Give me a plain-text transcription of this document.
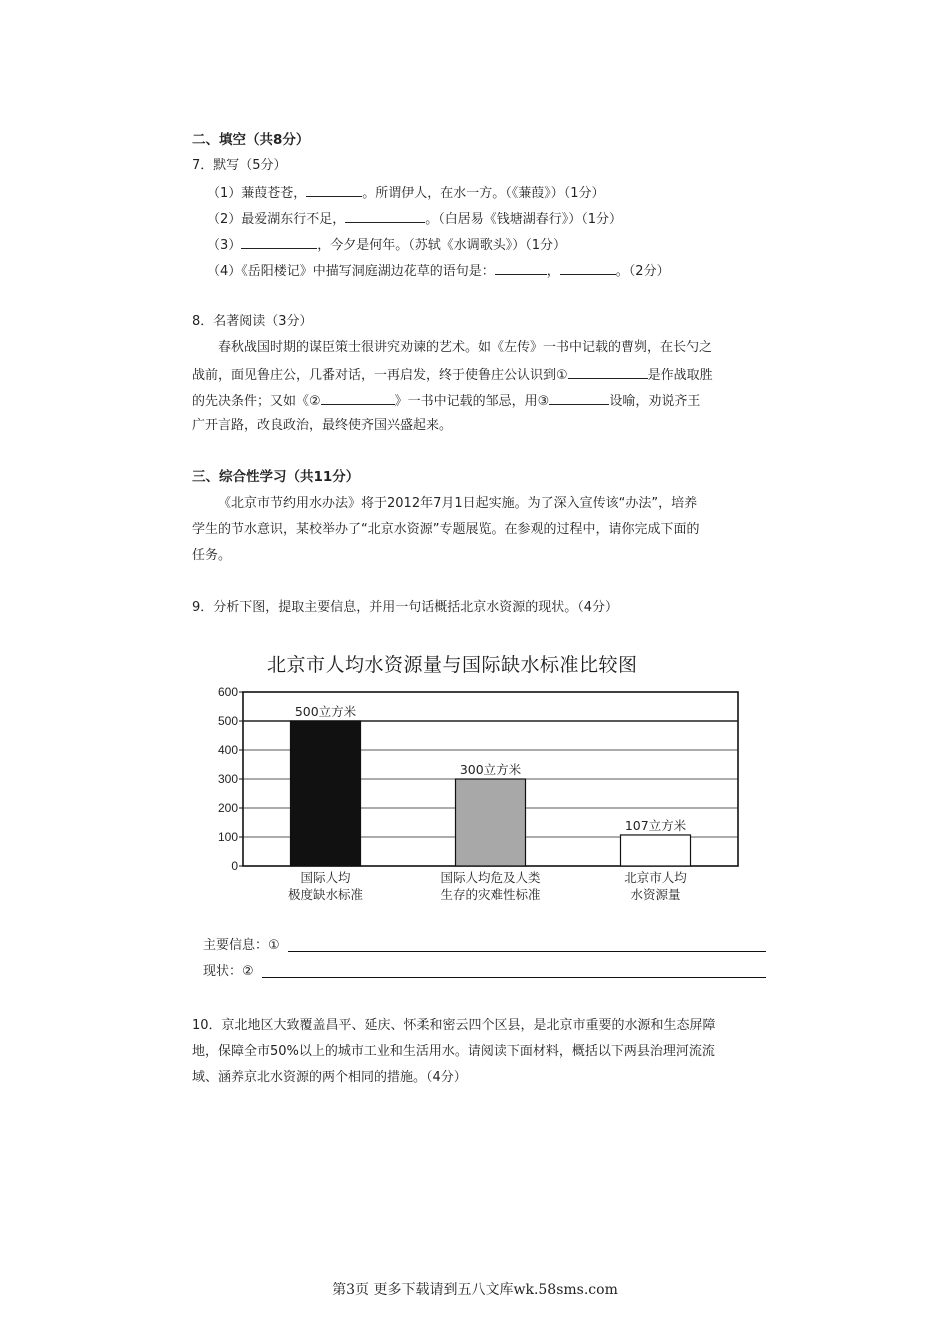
二、填空（共8分）
7．默写（5分）
（1）蒹葭苍苍，	。所谓伊人，在水一方。（《蒹葭》）（1分）
（2）最爱湖东行不足，	。（白居易《钱塘湖春行》）（1分）
（3）	，今夕是何年。（苏轼《水调歌头》）（1分）
（4）《岳阳楼记》中描写洞庭湖边花草的语句是：	，	。（2分）
8．名著阅读（3分）
春秋战国时期的谋臣策士很讲究劝谏的艺术。如《左传》一书中记载的曹刿，在长勺之
战前，面见鲁庄公，几番对话，一再启发，终于使鲁庄公认识到①	是作战取胜
的先决条件；又如《②	》一书中记载的邹忌，用③	设喻，劝说齐王
广开言路，改良政治，最终使齐国兴盛起来。
三、综合性学习（共11分）
《北京市节约用水办法》将于2012年7月1日起实施。为了深入宣传该“办法”，培养
学生的节水意识，某校举办了“北京水资源”专题展览。在参观的过程中，请你完成下面的
任务。
9．分析下图，提取主要信息，并用一句话概括北京水资源的现状。（4分）
北京市人均水资源量与国际缺水标准比较图
0
100
200
300
400
500
600
500立方米
国际人均
极度缺水标准
300立方米
国际人均危及人类
生存的灾难性标准
107立方米
北京市人均
水资源量
主要信息：①
现状：②
10．京北地区大致覆盖昌平、延庆、怀柔和密云四个区县，是北京市重要的水源和生态屏障
地，保障全市50%以上的城市工业和生活用水。请阅读下面材料，概括以下两县治理河流流
域、涵养京北水资源的两个相同的措施。（4分）
第3页 更多下载请到五八文库wk.58sms.com
